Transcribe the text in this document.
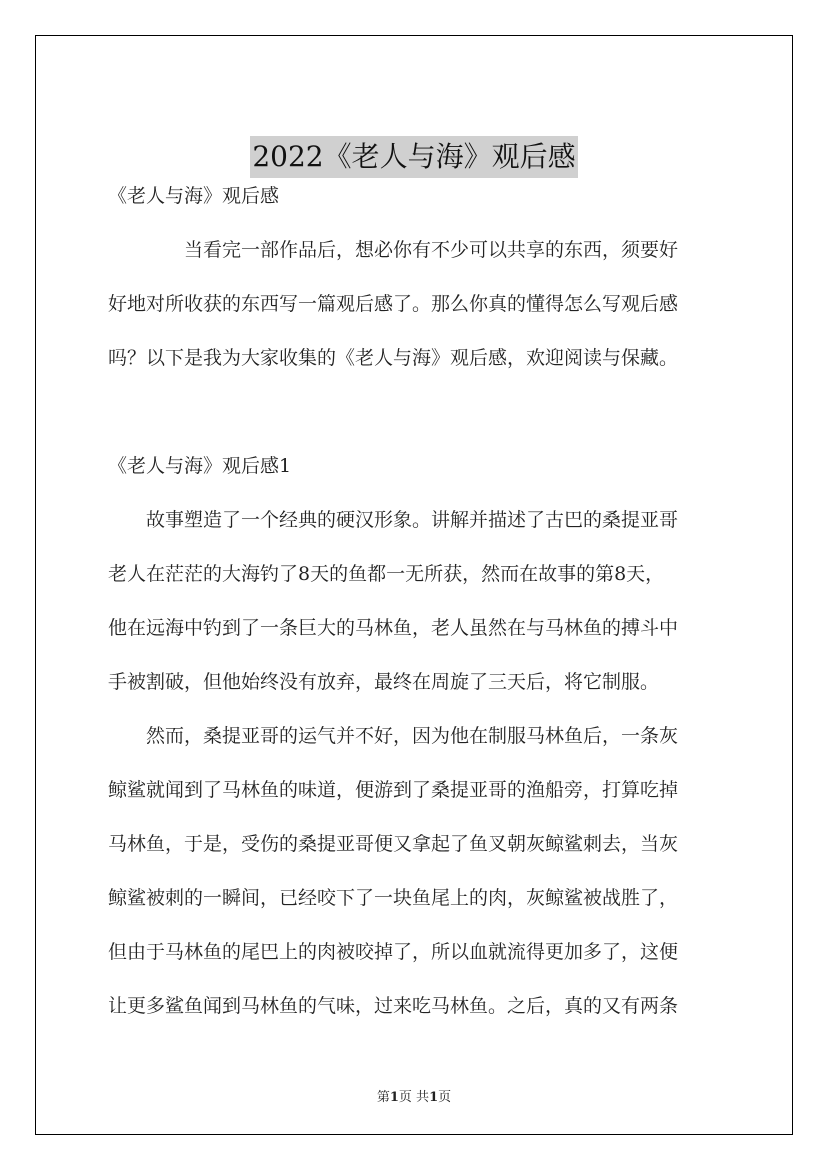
2022《老人与海》观后感
《老人与海》观后感
当看完一部作品后，想必你有不少可以共享的东西，须要好
好地对所收获的东西写一篇观后感了。那么你真的懂得怎么写观后感
吗？以下是我为大家收集的《老人与海》观后感，欢迎阅读与保藏。
《老人与海》观后感1
故事塑造了一个经典的硬汉形象。讲解并描述了古巴的桑提亚哥
老人在茫茫的大海钓了8天的鱼都一无所获，然而在故事的第8天，
他在远海中钓到了一条巨大的马林鱼，老人虽然在与马林鱼的搏斗中
手被割破，但他始终没有放弃，最终在周旋了三天后，将它制服。
然而，桑提亚哥的运气并不好，因为他在制服马林鱼后，一条灰
鲸鲨就闻到了马林鱼的味道，便游到了桑提亚哥的渔船旁，打算吃掉
马林鱼，于是，受伤的桑提亚哥便又拿起了鱼叉朝灰鲸鲨刺去，当灰
鲸鲨被刺的一瞬间，已经咬下了一块鱼尾上的肉，灰鲸鲨被战胜了，
但由于马林鱼的尾巴上的肉被咬掉了，所以血就流得更加多了，这便
让更多鲨鱼闻到马林鱼的气味，过来吃马林鱼。之后，真的又有两条
第1页 共1页
